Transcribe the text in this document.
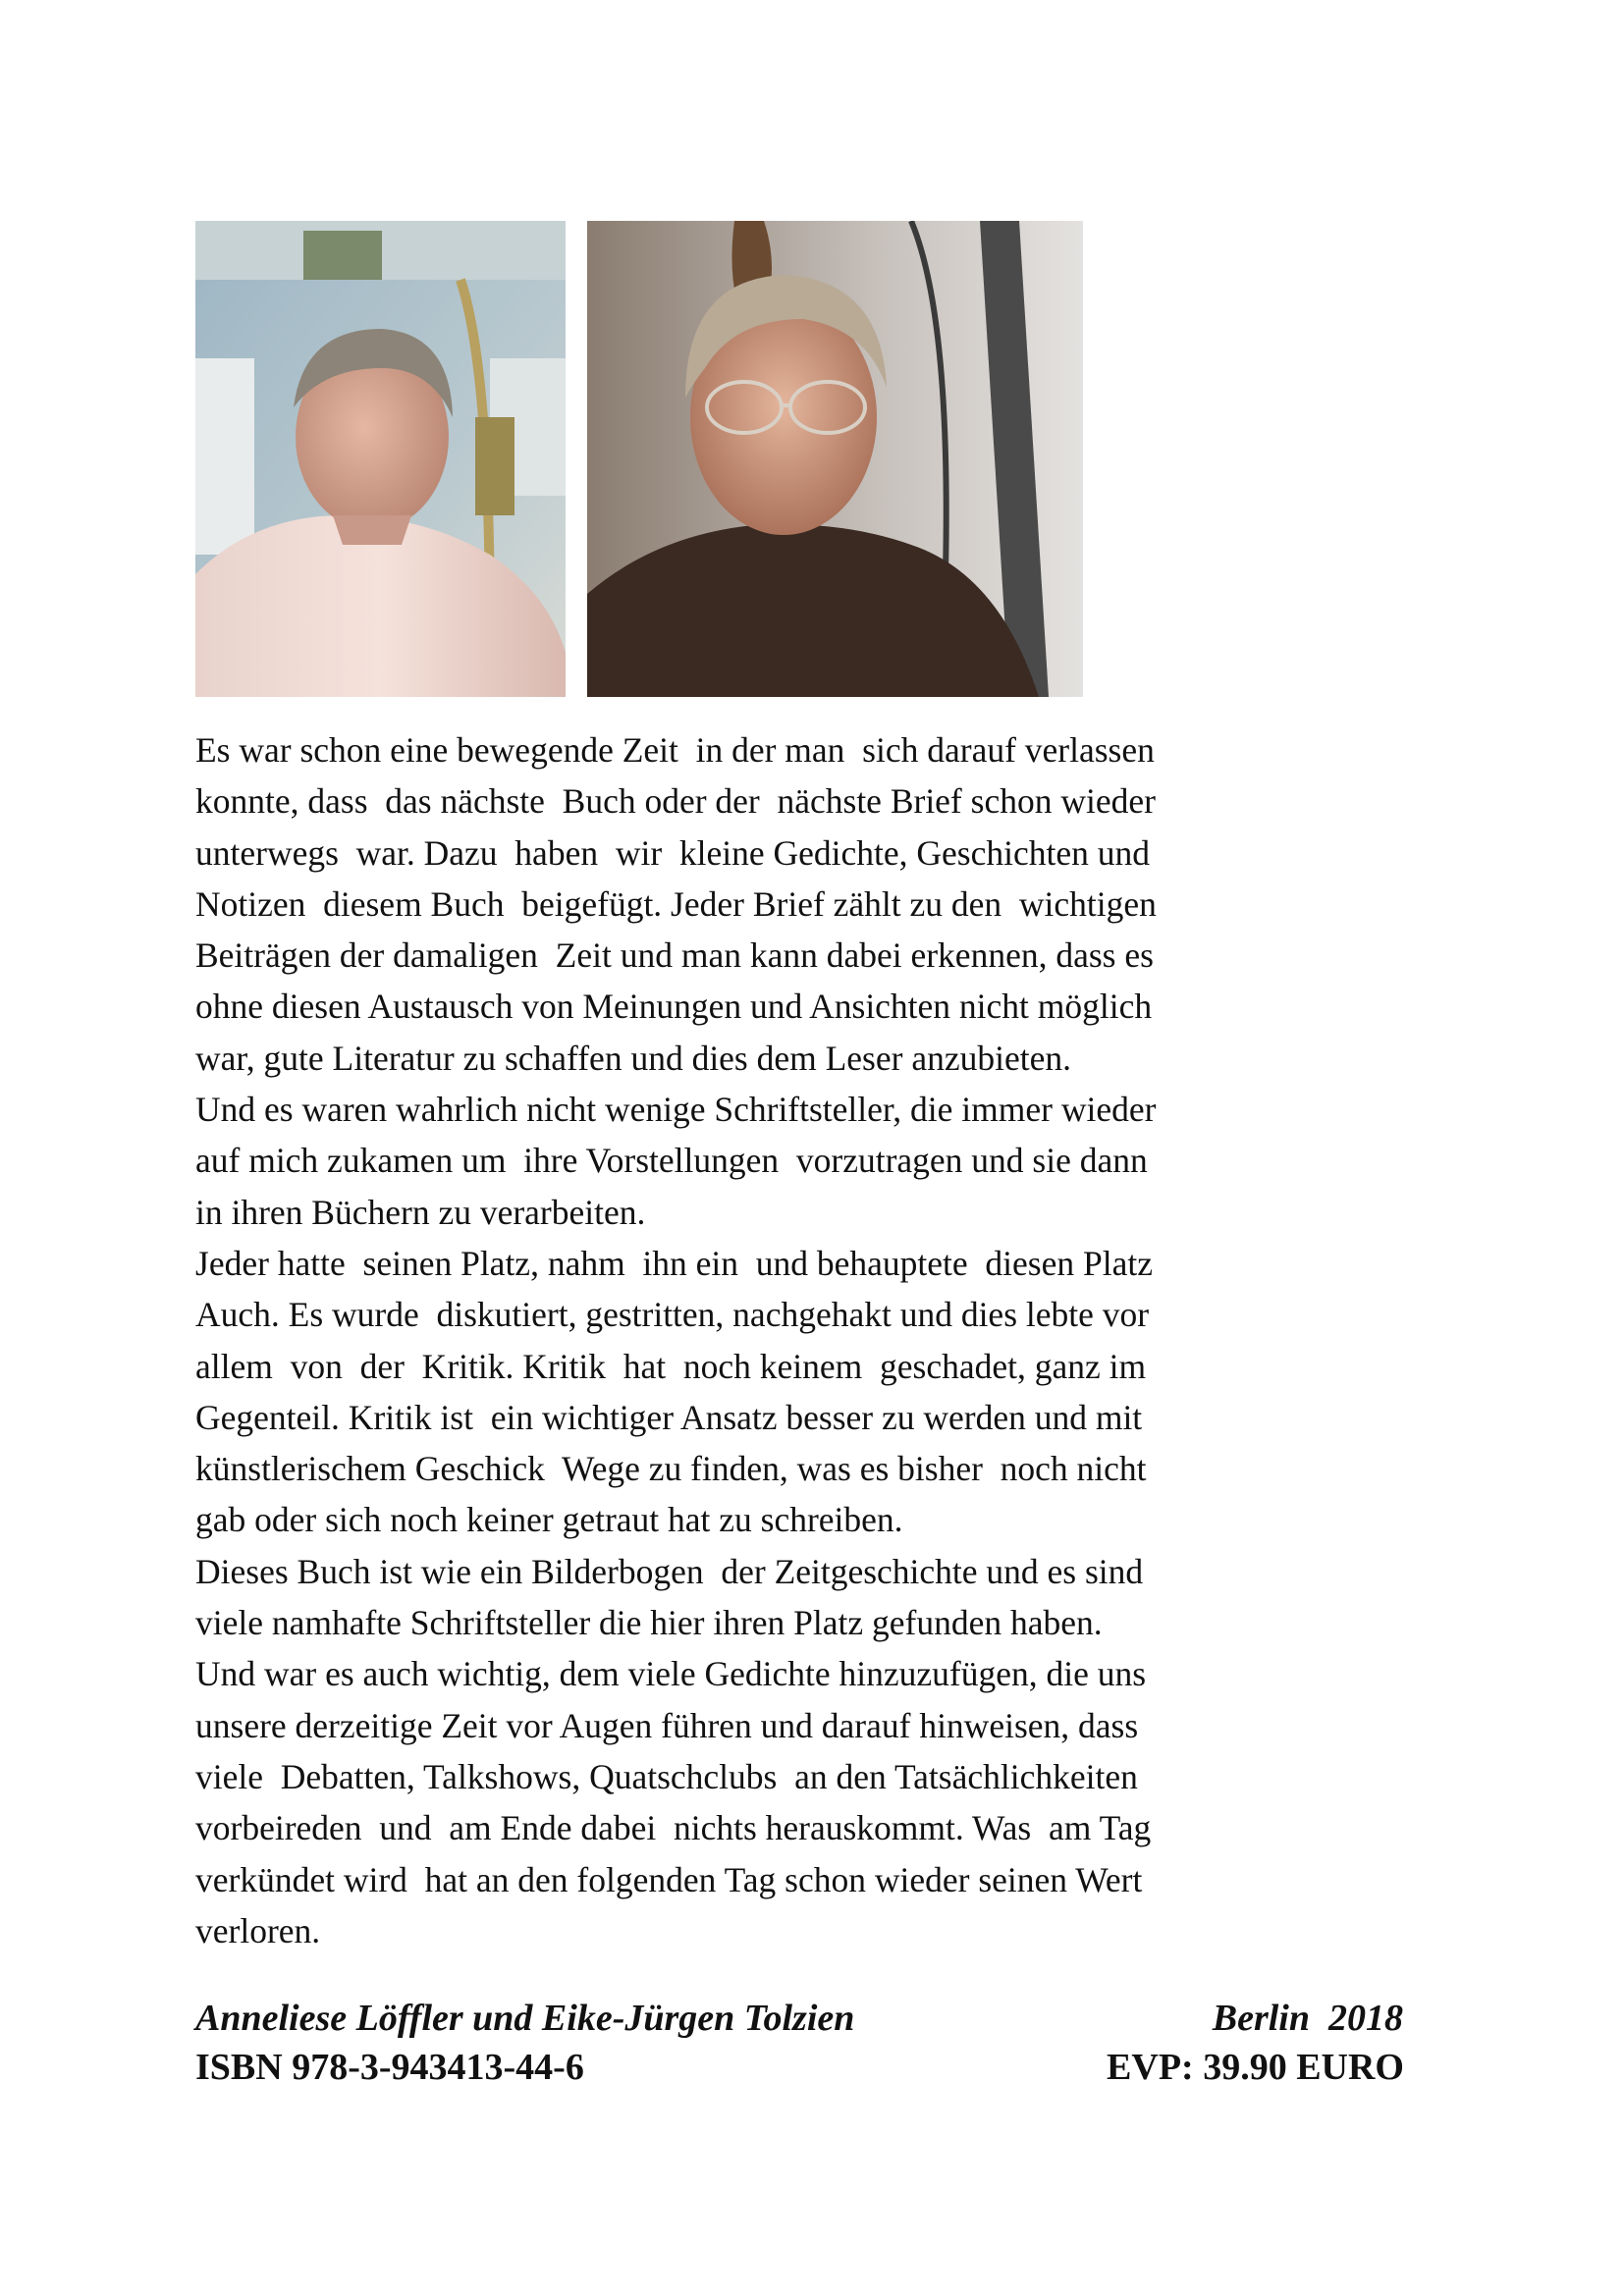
Es war schon eine bewegende Zeit  in der man  sich darauf verlassen
konnte, dass  das nächste  Buch oder der  nächste Brief schon wieder
unterwegs  war. Dazu  haben  wir  kleine Gedichte, Geschichten und
Notizen  diesem Buch  beigefügt. Jeder Brief zählt zu den  wichtigen
Beiträgen der damaligen  Zeit und man kann dabei erkennen, dass es
ohne diesen Austausch von Meinungen und Ansichten nicht möglich
war, gute Literatur zu schaffen und dies dem Leser anzubieten.
Und es waren wahrlich nicht wenige Schriftsteller, die immer wieder
auf mich zukamen um  ihre Vorstellungen  vorzutragen und sie dann
in ihren Büchern zu verarbeiten.
Jeder hatte  seinen Platz, nahm  ihn ein  und behauptete  diesen Platz
Auch. Es wurde  diskutiert, gestritten, nachgehakt und dies lebte vor
allem  von  der  Kritik. Kritik  hat  noch keinem  geschadet, ganz im
Gegenteil. Kritik ist  ein wichtiger Ansatz besser zu werden und mit
künstlerischem Geschick  Wege zu finden, was es bisher  noch nicht
gab oder sich noch keiner getraut hat zu schreiben.
Dieses Buch ist wie ein Bilderbogen  der Zeitgeschichte und es sind
viele namhafte Schriftsteller die hier ihren Platz gefunden haben.
Und war es auch wichtig, dem viele Gedichte hinzuzufügen, die uns
unsere derzeitige Zeit vor Augen führen und darauf hinweisen, dass
viele  Debatten, Talkshows, Quatschclubs  an den Tatsächlichkeiten
vorbeireden  und  am Ende dabei  nichts herauskommt. Was  am Tag
verkündet wird  hat an den folgenden Tag schon wieder seinen Wert
verloren.
Anneliese Löffler und Eike-Jürgen Tolzien	Berlin  2018
ISBN 978-3-943413-44-6	EVP: 39.90 EURO
